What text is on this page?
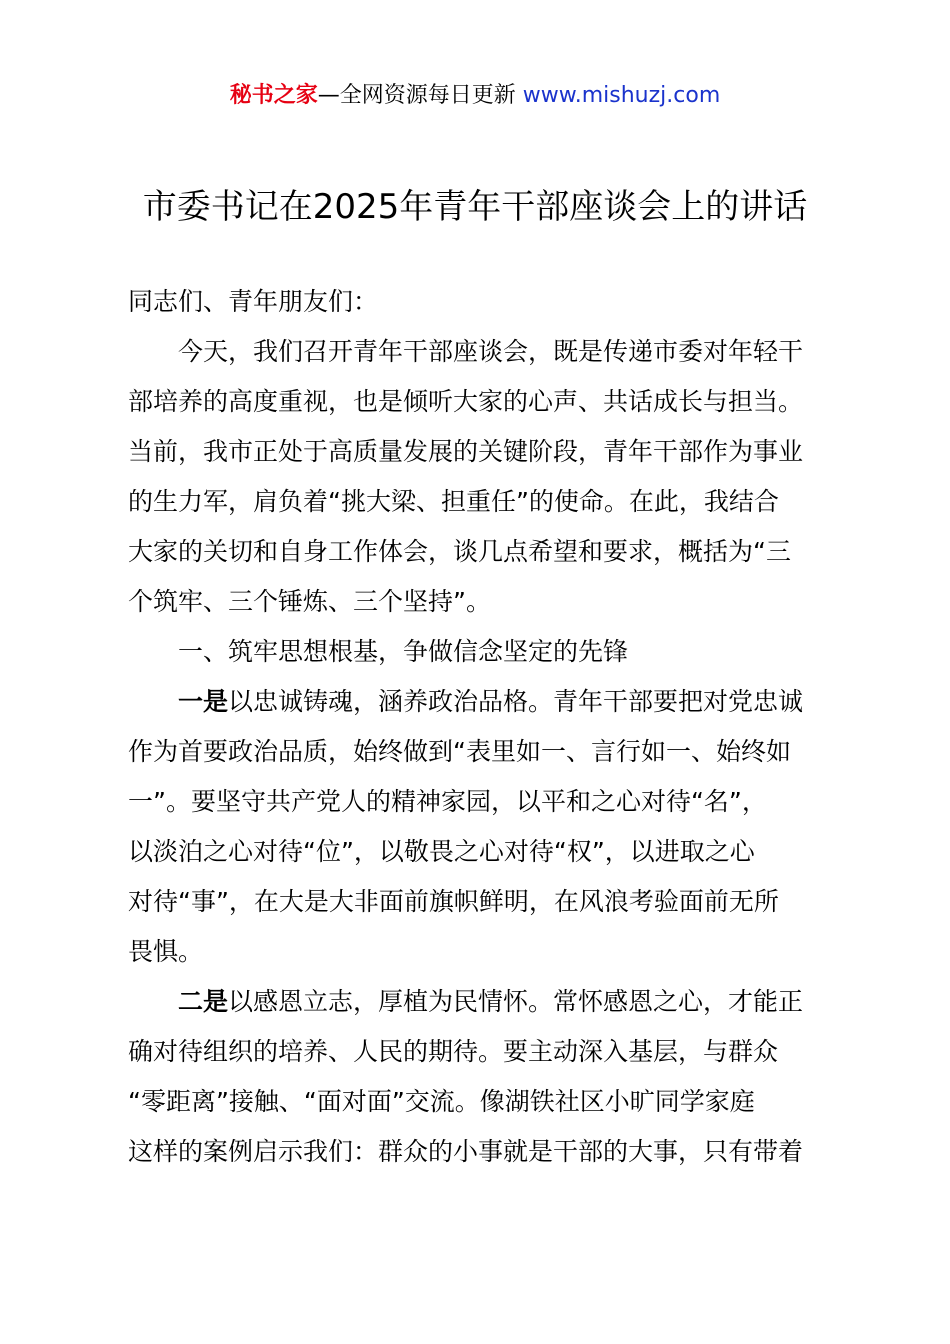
秘书之家—全网资源每日更新 www.mishuzj.com
市委书记在2025年青年干部座谈会上的讲话
同志们、青年朋友们：
今天，我们召开青年干部座谈会，既是传递市委对年轻干
部培养的高度重视，也是倾听大家的心声、共话成长与担当。
当前，我市正处于高质量发展的关键阶段，青年干部作为事业
的生力军，肩负着“挑大梁、担重任”的使命。在此，我结合
大家的关切和自身工作体会，谈几点希望和要求，概括为“三
个筑牢、三个锤炼、三个坚持”。
一、筑牢思想根基，争做信念坚定的先锋
一是以忠诚铸魂，涵养政治品格。青年干部要把对党忠诚
作为首要政治品质，始终做到“表里如一、言行如一、始终如
一”。要坚守共产党人的精神家园，以平和之心对待“名”，
以淡泊之心对待“位”，以敬畏之心对待“权”，以进取之心
对待“事”，在大是大非面前旗帜鲜明，在风浪考验面前无所
畏惧。
二是以感恩立志，厚植为民情怀。常怀感恩之心，才能正
确对待组织的培养、人民的期待。要主动深入基层，与群众
“零距离”接触、“面对面”交流。像湖铁社区小旷同学家庭
这样的案例启示我们：群众的小事就是干部的大事，只有带着
